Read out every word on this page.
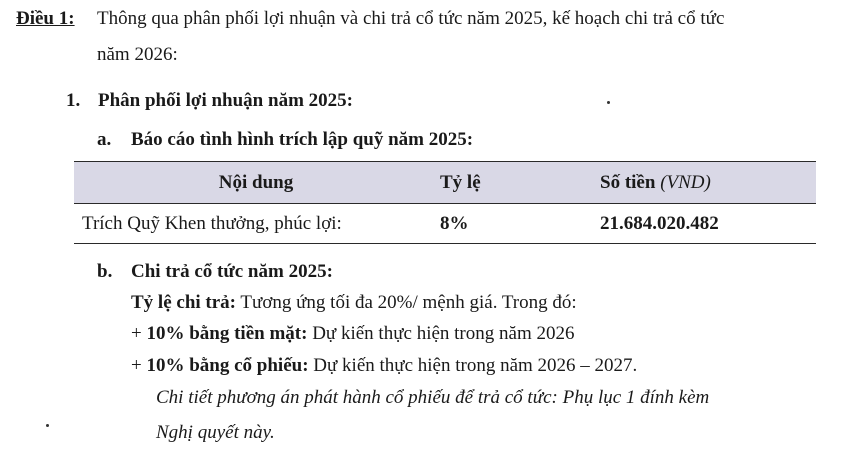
Điều 1: Thông qua phân phối lợi nhuận và chi trả cổ tức năm 2025, kế hoạch chi trả cổ tức
năm 2026:
1. Phân phối lợi nhuận năm 2025:
a. Báo cáo tình hình trích lập quỹ năm 2025:
Nội dung	Tỷ lệ	Số tiền (VND)
Trích Quỹ Khen thưởng, phúc lợi:	8%	21.684.020.482
b. Chi trả cổ tức năm 2025:
Tỷ lệ chi trả: Tương ứng tối đa 20%/ mệnh giá. Trong đó:
+ 10% bằng tiền mặt: Dự kiến thực hiện trong năm 2026
+ 10% bằng cổ phiếu: Dự kiến thực hiện trong năm 2026 – 2027.
Chi tiết phương án phát hành cổ phiếu để trả cổ tức: Phụ lục 1 đính kèm
Nghị quyết này.
